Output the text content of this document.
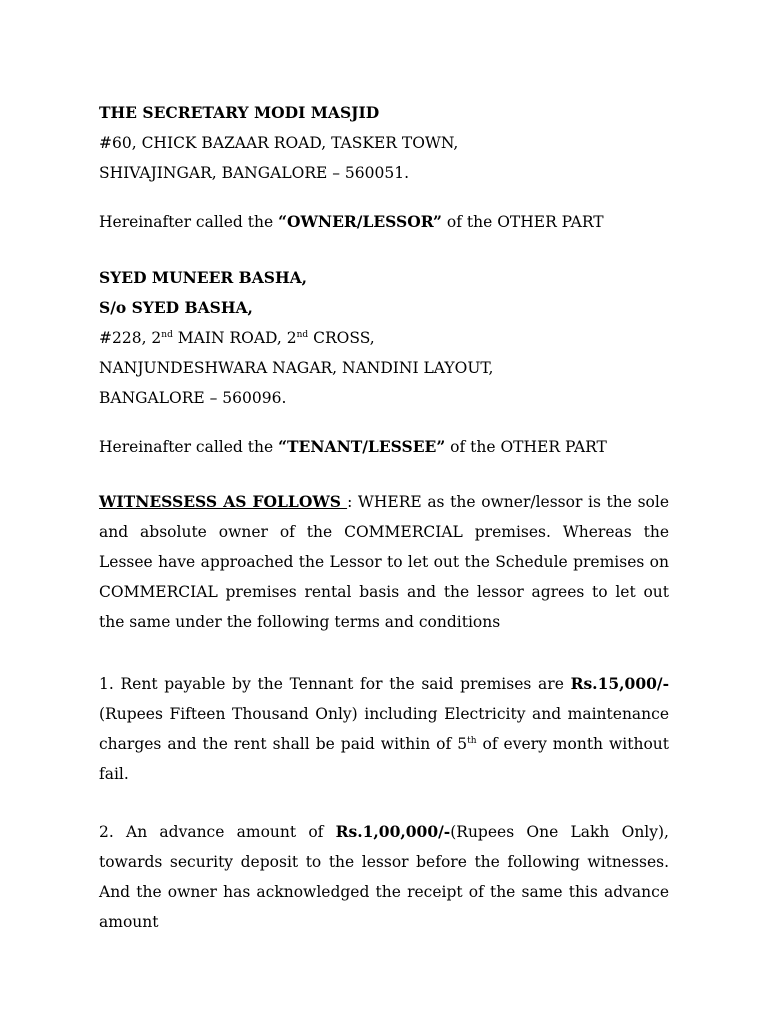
THE SECRETARY MODI MASJID
#60, CHICK BAZAAR ROAD, TASKER TOWN,
SHIVAJINGAR, BANGALORE – 560051.
Hereinafter called the “OWNER/LESSOR” of the OTHER PART
SYED MUNEER BASHA,
S/o SYED BASHA,
#228, 2nd MAIN ROAD, 2nd CROSS,
NANJUNDESHWARA NAGAR, NANDINI LAYOUT,
BANGALORE – 560096.
Hereinafter called the “TENANT/LESSEE” of the OTHER PART
WITNESSESS AS FOLLOWS : WHERE as the owner/lessor is the sole and absolute owner of the COMMERCIAL premises. Whereas the Lessee have approached the Lessor to let out the Schedule premises on COMMERCIAL premises rental basis and the lessor agrees to let out the same under the following terms and conditions
1. Rent payable by the Tennant for the said premises are Rs.15,000/- (Rupees Fifteen Thousand Only) including Electricity and maintenance charges and the rent shall be paid within of 5th of every month without fail.
2. An advance amount of Rs.1,00,000/-(Rupees One Lakh Only), towards security deposit to the lessor before the following witnesses. And the owner has acknowledged the receipt of the same this advance amount
